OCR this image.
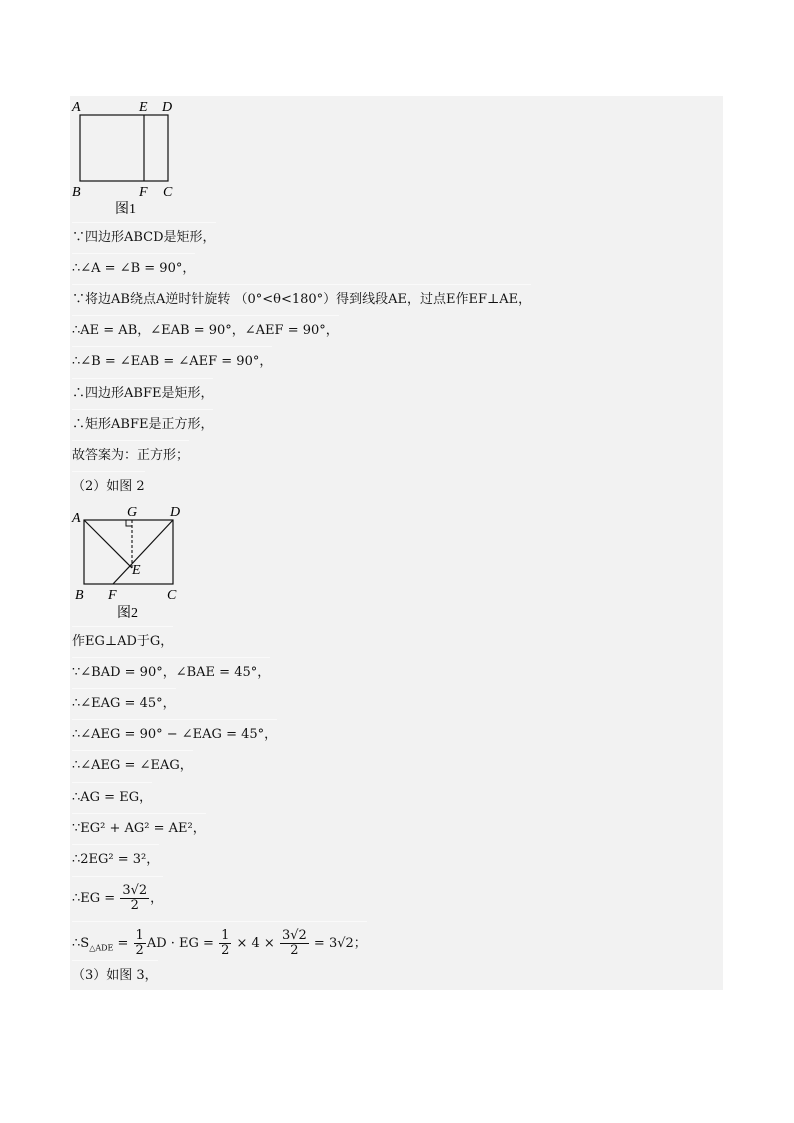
A	E D
B	F C
图1
∵四边形ABCD是矩形，
∴∠A = ∠B = 90°，
∵将边AB绕点A逆时针旋转 （0°<θ<180°）得到线段AE，过点E作EF⊥AE，
∴AE = AB，∠EAB = 90°，∠AEF = 90°，
∴∠B = ∠EAB = ∠AEF = 90°，
∴四边形ABFE是矩形，
∴矩形ABFE是正方形，
故答案为：正方形；
（2）如图 2
A	G D
E
B F	C
图2
作EG⊥AD于G，
∵∠BAD = 90°，∠BAE = 45°，
∴∠EAG = 45°，
∴∠AEG = 90° − ∠EAG = 45°，
∴∠AEG = ∠EAG，
∴AG = EG，
∵EG² + AG² = AE²，
∴2EG² = 3²，
∴EG = $\frac{3√2}{2}$ ，
$\therefore S_{\triangle ADE} = \frac{1}{2}$ AD · EG = $\frac{1}{2} \times 4 \times \frac{3√2}{2} = 3√2$；
（3）如图 3，
